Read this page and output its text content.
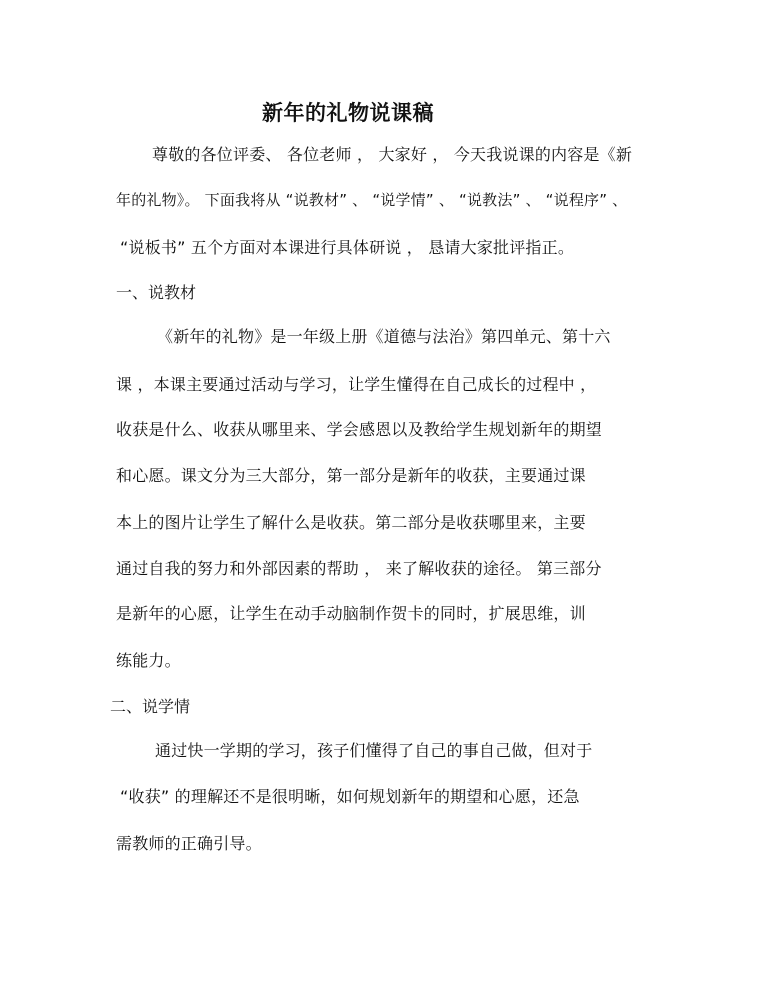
新年的礼物说课稿
尊敬的各位评委、 各位老师 ， 大家好 ， 今天我说课的内容是《新
年的礼物》。 下面我将从 “说教材” 、 “说学情” 、 “说教法” 、 “说程序” 、
“说板书” 五个方面对本课进行具体研说 ， 恳请大家批评指正。
一、说教材
《新年的礼物》是一年级上册《道德与法治》第四单元、第十六
课 ，本课主要通过活动与学习，让学生懂得在自己成长的过程中 ，
收获是什么、收获从哪里来、学会感恩以及教给学生规划新年的期望
和心愿。课文分为三大部分，第一部分是新年的收获，主要通过课
本上的图片让学生了解什么是收获。第二部分是收获哪里来，主要
通过自我的努力和外部因素的帮助 ， 来了解收获的途径。 第三部分
是新年的心愿，让学生在动手动脑制作贺卡的同时，扩展思维，训
练能力。
二、说学情
通过快一学期的学习，孩子们懂得了自己的事自己做，但对于
“收获” 的理解还不是很明晰，如何规划新年的期望和心愿，还急
需教师的正确引导。
